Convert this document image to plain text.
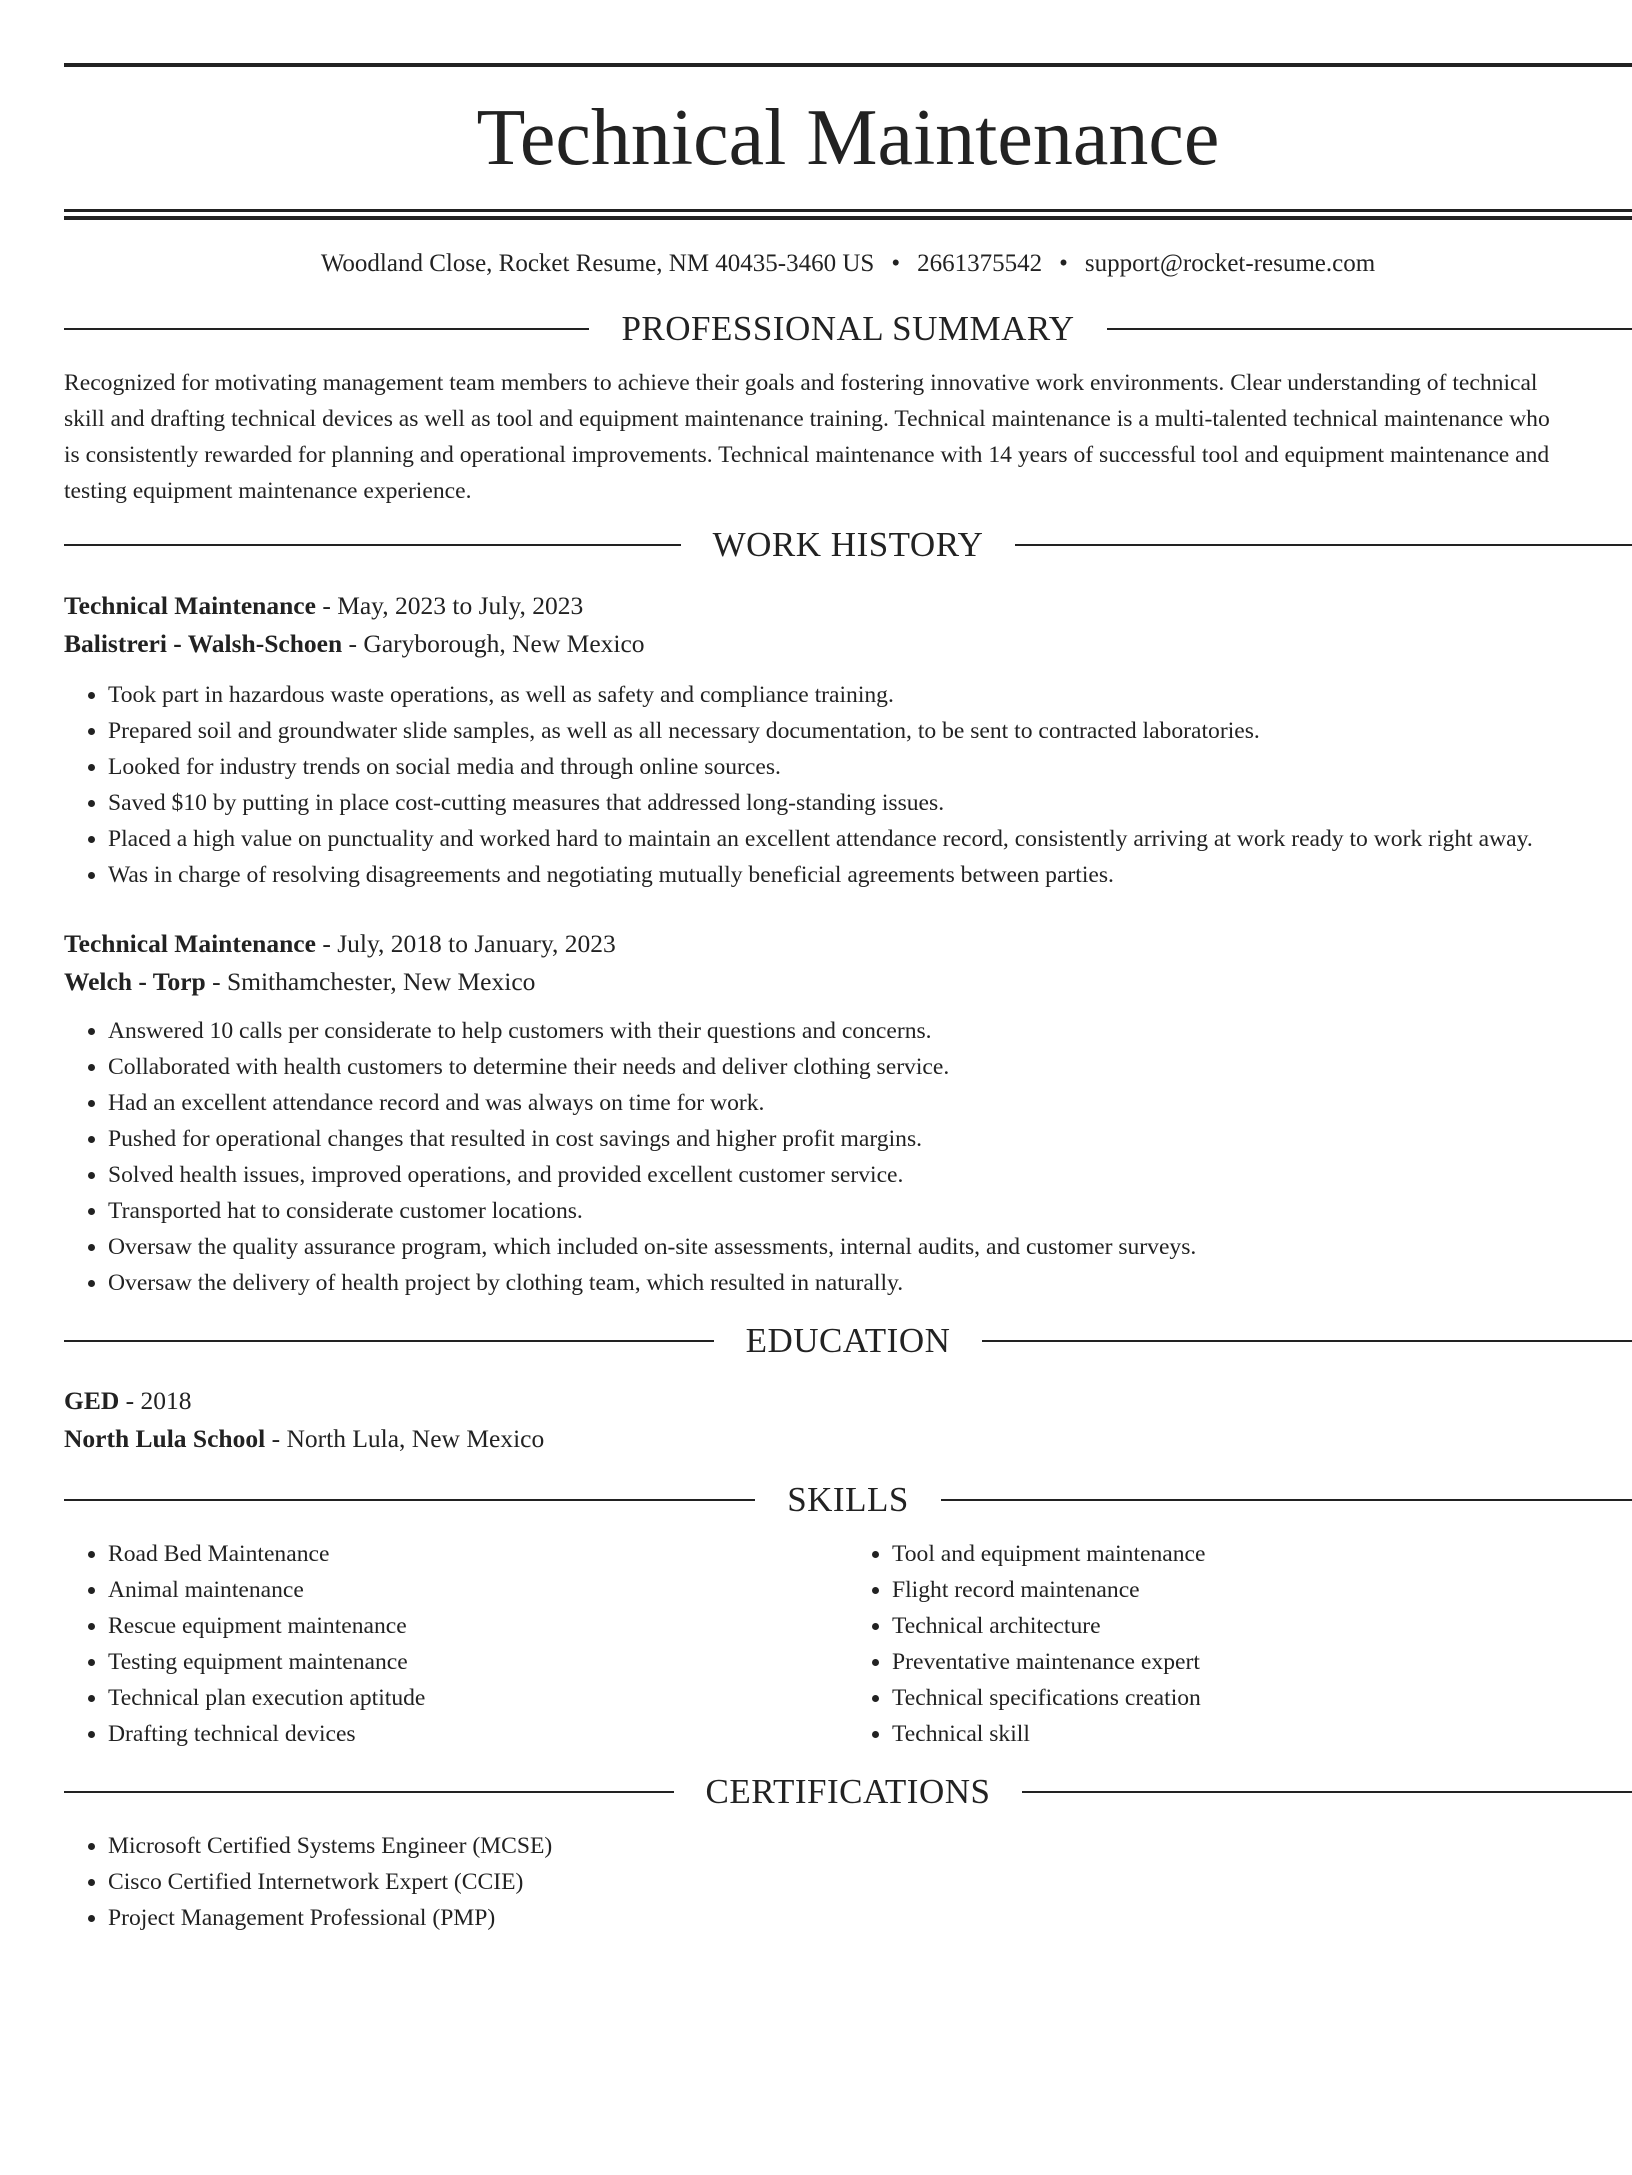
Technical Maintenance
Woodland Close, Rocket Resume, NM 40435-3460 US • 2661375542 • support@rocket-resume.com
PROFESSIONAL SUMMARY
Recognized for motivating management team members to achieve their goals and fostering innovative work environments. Clear understanding of technical skill and drafting technical devices as well as tool and equipment maintenance training. Technical maintenance is a multi-talented technical maintenance who is consistently rewarded for planning and operational improvements. Technical maintenance with 14 years of successful tool and equipment maintenance and testing equipment maintenance experience.
WORK HISTORY
Technical Maintenance - May, 2023 to July, 2023
Balistreri - Walsh-Schoen - Garyborough, New Mexico
• Took part in hazardous waste operations, as well as safety and compliance training.
• Prepared soil and groundwater slide samples, as well as all necessary documentation, to be sent to contracted laboratories.
• Looked for industry trends on social media and through online sources.
• Saved $10 by putting in place cost-cutting measures that addressed long-standing issues.
• Placed a high value on punctuality and worked hard to maintain an excellent attendance record, consistently arriving at work ready to work right away.
• Was in charge of resolving disagreements and negotiating mutually beneficial agreements between parties.
Technical Maintenance - July, 2018 to January, 2023
Welch - Torp - Smithamchester, New Mexico
• Answered 10 calls per considerate to help customers with their questions and concerns.
• Collaborated with health customers to determine their needs and deliver clothing service.
• Had an excellent attendance record and was always on time for work.
• Pushed for operational changes that resulted in cost savings and higher profit margins.
• Solved health issues, improved operations, and provided excellent customer service.
• Transported hat to considerate customer locations.
• Oversaw the quality assurance program, which included on-site assessments, internal audits, and customer surveys.
• Oversaw the delivery of health project by clothing team, which resulted in naturally.
EDUCATION
GED - 2018
North Lula School - North Lula, New Mexico
SKILLS
• Road Bed Maintenance
• Animal maintenance
• Rescue equipment maintenance
• Testing equipment maintenance
• Technical plan execution aptitude
• Drafting technical devices
• Tool and equipment maintenance
• Flight record maintenance
• Technical architecture
• Preventative maintenance expert
• Technical specifications creation
• Technical skill
CERTIFICATIONS
• Microsoft Certified Systems Engineer (MCSE)
• Cisco Certified Internetwork Expert (CCIE)
• Project Management Professional (PMP)
